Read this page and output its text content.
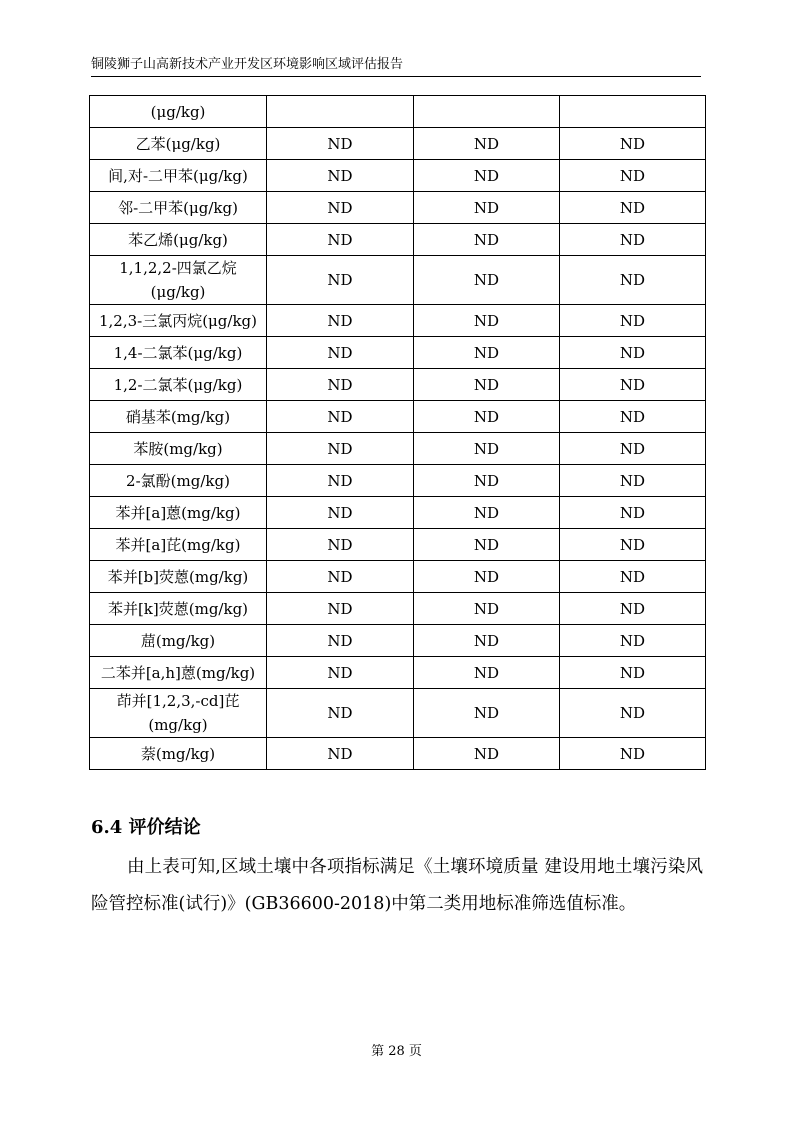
铜陵狮子山高新技术产业开发区环境影响区域评估报告
(μg/kg)			

乙苯(μg/kg)	ND	ND	ND

间,对-二甲苯(μg/kg)	ND	ND	ND

邻-二甲苯(μg/kg)	ND	ND	ND

苯乙烯(μg/kg)	ND	ND	ND

1,1,2,2-四氯乙烷
(μg/kg)	ND	ND	ND

1,2,3-三氯丙烷(μg/kg)	ND	ND	ND

1,4-二氯苯(μg/kg)	ND	ND	ND

1,2-二氯苯(μg/kg)	ND	ND	ND

硝基苯(mg/kg)	ND	ND	ND

苯胺(mg/kg)	ND	ND	ND

2-氯酚(mg/kg)	ND	ND	ND

苯并[a]蒽(mg/kg)	ND	ND	ND

苯并[a]芘(mg/kg)	ND	ND	ND

苯并[b]荧蒽(mg/kg)	ND	ND	ND

苯并[k]荧蒽(mg/kg)	ND	ND	ND

䓛(mg/kg)	ND	ND	ND

二苯并[a,h]蒽(mg/kg)	ND	ND	ND

茚并[1,2,3,-cd]芘
(mg/kg)	ND	ND	ND

萘(mg/kg)	ND	ND	ND
6.4 评价结论
由上表可知,区域土壤中各项指标满足《土壤环境质量 建设用地土壤污染风险管控标准(试行)》(GB36600-2018)中第二类用地标准筛选值标准。
第 28 页
